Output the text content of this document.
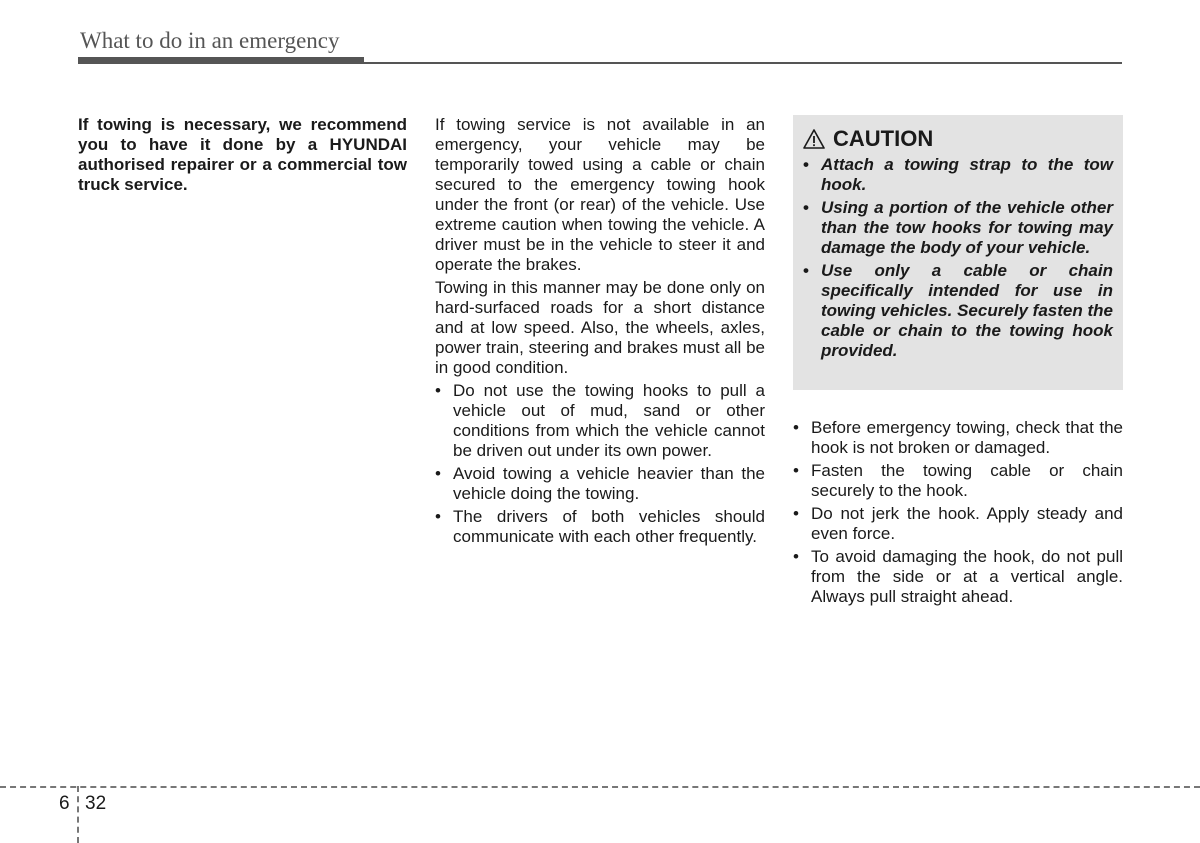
What to do in an emergency

If towing is necessary, we recommend you to have it done by a HYUNDAI authorised repairer or a commercial tow truck service.

If towing service is not available in an emergency, your vehicle may be temporarily towed using a cable or chain secured to the emergency towing hook under the front (or rear) of the vehicle. Use extreme caution when towing the vehicle. A driver must be in the vehicle to steer it and operate the brakes.

Towing in this manner may be done only on hard-surfaced roads for a short distance and at low speed. Also, the wheels, axles, power train, steering and brakes must all be in good condition.

• Do not use the towing hooks to pull a vehicle out of mud, sand or other conditions from which the vehicle cannot be driven out under its own power.
• Avoid towing a vehicle heavier than the vehicle doing the towing.
• The drivers of both vehicles should communicate with each other frequently.
CAUTION
• Attach a towing strap to the tow hook.
• Using a portion of the vehicle other than the tow hooks for towing may damage the body of your vehicle.
• Use only a cable or chain specifically intended for use in towing vehicles. Securely fasten the cable or chain to the towing hook provided.
• Before emergency towing, check that the hook is not broken or damaged.
• Fasten the towing cable or chain securely to the hook.
• Do not jerk the hook. Apply steady and even force.
• To avoid damaging the hook, do not pull from the side or at a vertical angle. Always pull straight ahead.
6 32
